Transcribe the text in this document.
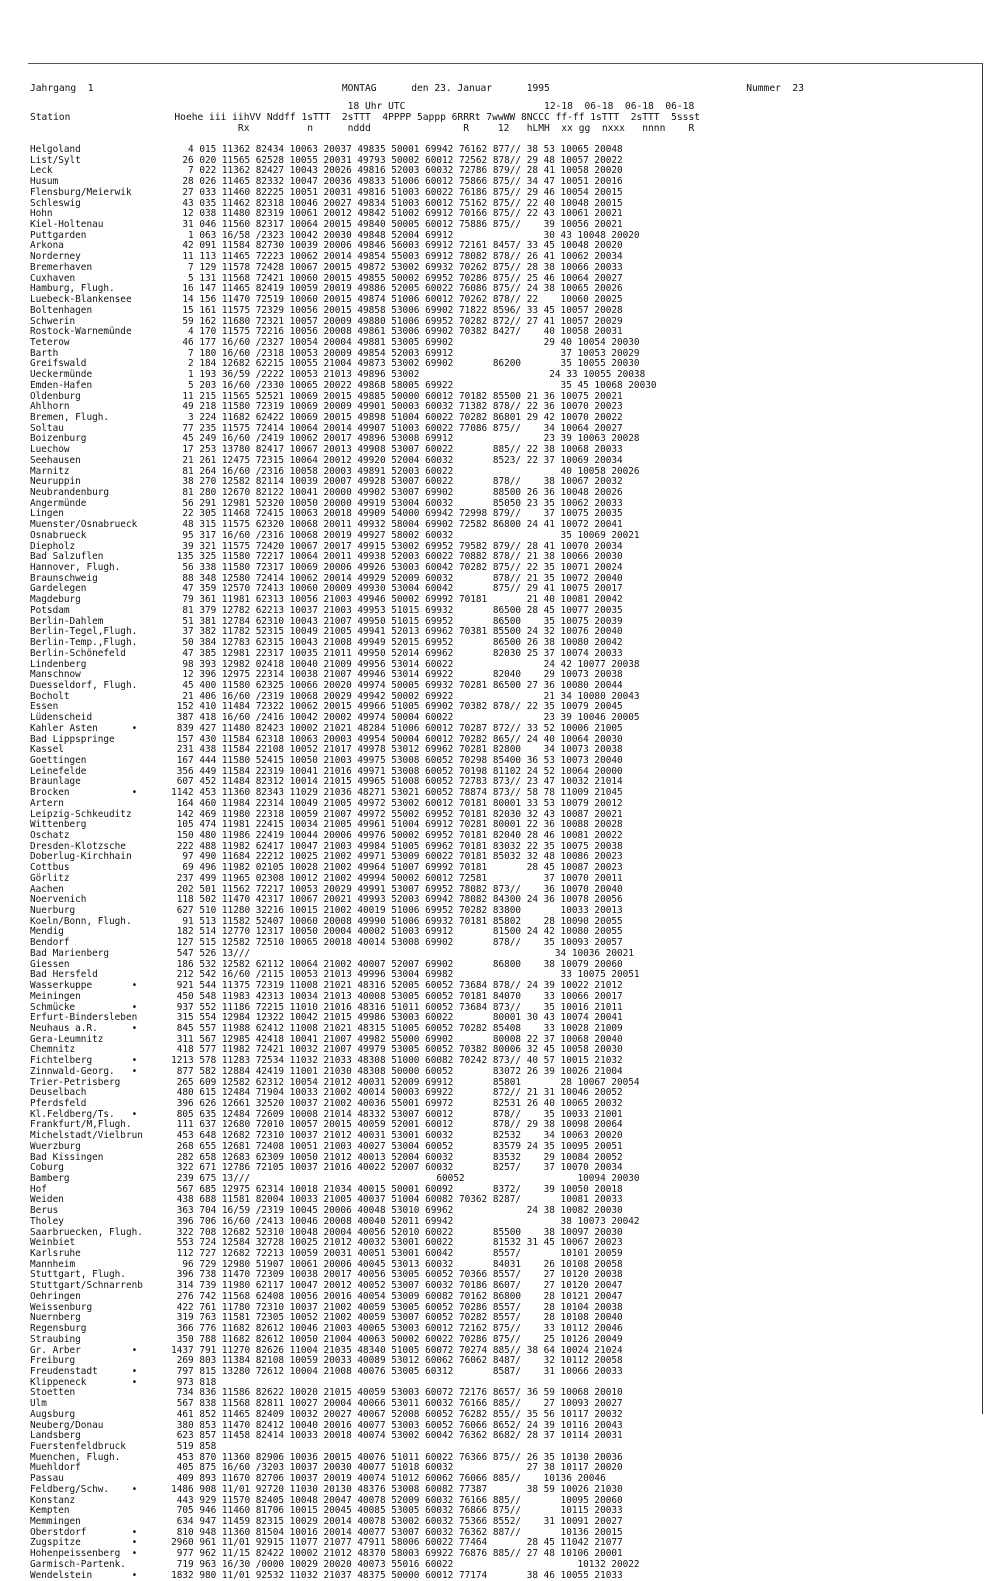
Jahrgang  1                                           MONTAG      den 23. Januar      1995                                  Nummer  23
18 Uhr UTC                        12-18  06-18  06-18  06-18
Station                  Hoehe iii iihVV Nddff 1sTTT  2sTTT  4PPPP 5appp 6RRRt 7wwWW 8NCCC ff-ff 1sTTT  2sTTT  5ssst
Rx          n      nddd                R     12   hLMH  xx gg  nxxx   nnnn    R
Helgoland                   4 015 11362 82434 10063 20037 49835 50001 69942 76162 877// 38 53 10065 20048
List/Sylt                  26 020 11565 62528 10055 20031 49793 50002 60012 72562 878// 29 48 10057 20022
Leck                        7 022 11362 82427 10043 20026 49816 52003 60032 72786 879// 28 41 10058 20020
Husum                      28 026 11465 82332 10047 20036 49833 51006 60012 75866 875// 34 47 10051 20016
Flensburg/Meierwik         27 033 11460 82225 10051 20031 49816 51003 60022 76186 875// 29 46 10054 20015
Schleswig                  43 035 11462 82318 10046 20027 49834 51003 60012 75162 875// 22 40 10048 20015
Hohn                       12 038 11480 82319 10061 20012 49842 51002 69912 70166 875// 22 43 10061 20021
Kiel-Holtenau              31 046 11560 82317 10064 20015 49840 50005 60012 75886 875//    39 10056 20021
Puttgarden                  1 063 16/58 /2323 10042 20030 49848 52004 69912                30 43 10048 20020
Arkona                     42 091 11584 82730 10039 20006 49846 56003 69912 72161 8457/ 33 45 10048 20020
Norderney                  11 113 11465 72223 10062 20014 49854 55003 69912 78082 878// 26 41 10062 20034
Bremerhaven                 7 129 11578 72428 10067 20015 49872 53002 69932 70262 875// 28 38 10066 20033
Cuxhaven                    5 131 11568 72421 10060 20015 49855 50002 69952 70286 875// 25 46 10064 20027
Hamburg, Flugh.            16 147 11465 82419 10059 20019 49886 52005 60022 76086 875// 24 38 10065 20026
Luebeck-Blankensee         14 156 11470 72519 10060 20015 49874 51006 60012 70262 878// 22    10060 20025
Boltenhagen                15 161 11575 72329 10056 20015 49858 53006 69902 71822 8596/ 33 45 10057 20028
Schwerin                   59 162 11680 72321 10057 20009 49880 51006 69952 70282 872// 27 41 10057 20029
Rostock-Warnemünde          4 170 11575 72216 10056 20008 49861 53006 69902 70382 8427/    40 10058 20031
Teterow                    46 177 16/60 /2327 10054 20004 49881 53005 69902                29 40 10054 20030
Barth                       7 180 16/60 /2318 10053 20009 49854 52003 69912                   37 10053 20029
Greifswald                  2 184 12682 62215 10055 21004 49873 53002 69902       86200       35 10055 20030
Ueckermünde                 1 193 36/59 /2222 10053 21013 49896 53002                       24 33 10055 20038
Emden-Hafen                 5 203 16/60 /2330 10065 20022 49868 58005 69922                   35 45 10068 20030
Oldenburg                  11 215 11565 52521 10069 20015 49885 50000 60012 70182 85500 21 36 10075 20021
Ahlhorn                    49 218 11580 72319 10069 20009 49901 50003 60032 71382 878// 22 36 10070 20023
Bremen, Flugh.              3 224 11682 62422 10069 20015 49898 51004 60022 70282 86801 29 42 10070 20022
Soltau                     77 235 11575 72414 10064 20014 49907 51003 60022 77086 875//    34 10064 20027
Boizenburg                 45 249 16/60 /2419 10062 20017 49896 53008 69912                23 39 10063 20028
Luechow                    17 253 13780 82417 10067 20013 49908 53007 60022       885// 22 38 10068 20033
Seehausen                  21 261 12475 72315 10064 20012 49920 52004 60032       8523/ 22 37 10069 20034
Marnitz                    81 264 16/60 /2316 10058 20003 49891 52003 60022                   40 10058 20026
Neuruppin                  38 270 12582 82114 10039 20007 49928 53007 60022       878//    38 10067 20032
Neubrandenburg             81 280 12670 82122 10041 20000 49902 53007 69902       88500 26 36 10048 20026
Angermünde                 56 291 12981 52320 10050 20000 49919 53004 60032       85050 23 35 10062 20033
Lingen                     22 305 11468 72415 10063 20018 49909 54000 69942 72998 879//    37 10075 20035
Muenster/Osnabrueck        48 315 11575 62320 10068 20011 49932 58004 69902 72582 86800 24 41 10072 20041
Osnabrueck                 95 317 16/60 /2316 10068 20019 49927 58002 60032                   35 10069 20021
Diepholz                   39 321 11575 72420 10067 20017 49915 53002 69952 79582 879// 28 41 10070 20034
Bad Salzuflen             135 325 11580 72217 10064 20011 49938 52003 60022 70882 878// 21 38 10066 20030
Hannover, Flugh.           56 338 11580 72317 10069 20006 49926 53003 60042 70282 875// 22 35 10071 20024
Braunschweig               88 348 12580 72414 10062 20014 49929 52009 60032       878// 21 35 10072 20040
Gardelegen                 47 359 12570 72413 10060 20009 49930 53004 60042       875// 29 41 10075 20017
Magdeburg                  79 361 11981 62313 10056 21003 49946 50002 69992 70181       21 40 10081 20042
Potsdam                    81 379 12782 62213 10037 21003 49953 51015 69932       86500 28 45 10077 20035
Berlin-Dahlem              51 381 12784 62310 10043 21007 49950 51015 69952       86500    35 10075 20039
Berlin-Tegel,Flugh.        37 382 11782 52315 10049 21005 49941 52013 69962 70381 85500 24 32 10076 20040
Berlin-Temp.,Flugh.        50 384 12783 62315 10043 21008 49949 52015 69952       86500 26 38 10080 20042
Berlin-Schönefeld          47 385 12981 22317 10035 21011 49950 52014 69962       82030 25 37 10074 20033
Lindenberg                 98 393 12982 02418 10040 21009 49956 53014 60022                24 42 10077 20038
Manschnow                  12 396 12975 22314 10038 21007 49946 53014 69922       82040    29 10073 20038
Duesseldorf, Flugh.        45 400 11580 62325 10066 20020 49974 50005 69932 70281 86500 27 36 10080 20044
Bocholt                    21 406 16/60 /2319 10068 20029 49942 50002 69922                21 34 10080 20043
Essen                     152 410 11484 72322 10062 20015 49966 51005 69902 70382 878// 22 35 10079 20045
Lüdenscheid               387 418 16/60 /2416 10042 20002 49974 50004 60022                23 39 10046 20005
Kahler Asten      •       839 427 11480 82423 10002 21021 48284 51006 60012 70287 872// 33 52 10006 21005
Bad Lippspringe           157 430 11584 62318 10063 20003 49954 50004 60012 70282 865// 24 40 10064 20030
Kassel                    231 438 11584 22108 10052 21017 49978 53012 69962 70281 82800    34 10073 20038
Goettingen                167 444 11580 52415 10050 21003 49975 53008 60052 70298 85400 36 53 10073 20040
Leinefelde                356 449 11584 22319 10041 21016 49971 53008 60052 70198 81102 24 52 10064 20000
Braunlage                 607 452 11484 82312 10014 21015 49965 51008 60052 72783 873// 23 47 10032 21014
Brocken           •      1142 453 11360 82343 11029 21036 48271 53021 60052 78874 873// 58 78 11009 21045
Artern                    164 460 11984 22314 10049 21005 49972 53002 60012 70181 80001 33 53 10079 20012
Leipzig-Schkeuditz        142 469 11980 22318 10059 21007 49972 55002 69952 70181 82030 32 43 10087 20021
Wittenberg                105 474 11981 22415 10034 21005 49961 51004 69912 70281 80001 22 36 10088 20028
Oschatz                   150 480 11986 22419 10044 20006 49976 50002 69952 70181 82040 28 46 10081 20022
Dresden-Klotzsche         222 488 11982 62417 10047 21003 49984 51005 69962 70181 83032 22 35 10075 20038
Doberlug-Kirchhain         97 490 11684 22212 10025 21002 49971 53009 60022 70181 85032 32 48 10086 20023
Cottbus                    69 496 11982 02105 10028 21002 49964 51007 69992 70181       28 45 10087 20023
Görlitz                   237 499 11965 02308 10012 21002 49994 50002 60012 72581          37 10070 20011
Aachen                    202 501 11562 72217 10053 20029 49991 53007 69952 78082 873//    36 10070 20040
Noervenich                118 502 11470 42317 10067 20021 49993 52003 69942 78082 84300 24 36 10078 20056
Nuerburg                  627 510 11280 32216 10015 21002 40019 51006 69952 70282 83800       10033 20013
Koeln/Bonn, Flugh.         91 513 11582 52407 10060 20008 49990 51006 69932 70181 85802    28 10090 20055
Mendig                    182 514 12770 12317 10050 20004 40002 51003 69912       81500 24 42 10080 20055
Bendorf                   127 515 12582 72510 10065 20018 40014 53008 69902       878//    35 10093 20057
Bad Marienberg            547 526 13///                                                      34 10036 20021
Giessen                   186 532 12582 62112 10064 21002 40007 52007 69902       86800    38 10079 20060
Bad Hersfeld              212 542 16/60 /2115 10053 21013 49996 53004 69982                   33 10075 20051
Wasserkuppe       •       921 544 11375 72319 11008 21021 48316 52005 60052 73684 878// 24 39 10022 21012
Meiningen                 450 548 11983 42313 10034 21013 40008 53005 60052 70181 84070    33 10066 20017
Schmücke          •       937 552 11186 72215 11010 21016 48316 51011 60052 73684 873//    35 10016 21011
Erfurt-Bindersleben       315 554 12984 12322 10042 21015 49986 53003 60022       80001 30 43 10074 20041
Neuhaus a.R.      •       845 557 11988 62412 11008 21021 48315 51005 60052 70282 85408    33 10028 21009
Gera-Leumnitz             311 567 12985 42418 10041 21007 49982 55000 69902       80008 22 37 10068 20040
Chemnitz                  418 577 11982 72421 10032 21007 49979 53005 60052 70382 80006 32 45 10058 20030
Fichtelberg       •      1213 578 11283 72534 11032 21033 48308 51000 60082 70242 873// 40 57 10015 21032
Zinnwald-Georg.   •       877 582 12884 42419 11001 21030 48308 50000 60052       83072 26 39 10026 21004
Trier-Petrisberg          265 609 12582 62312 10054 21012 40031 52009 69912       85801       28 10067 20054
Deuselbach                480 615 12484 71904 10033 21002 40014 50003 69922       872// 21 31 10046 20052
Pferdsfeld                396 626 12661 32520 10037 21002 40036 55001 69972       82531 26 40 10065 20032
Kl.Feldberg/Ts.   •       805 635 12484 72609 10008 21014 48332 53007 60012       878//    35 10033 21001
Frankfurt/M,Flugh.        111 637 12680 72010 10057 20015 40059 52001 60012       878// 29 38 10098 20064
Michelstadt/Vielbrun      453 648 12682 72310 10037 21012 40031 53001 60032       82532    34 10063 20020
Wuerzburg                 268 655 12681 72408 10051 21003 40027 53004 60052       83579 24 35 10095 20051
Bad Kissingen             282 658 12683 62309 10050 21012 40013 52004 60032       83532    29 10084 20052
Coburg                    322 671 12786 72105 10037 21016 40022 52007 60032       8257/    37 10070 20034
Bamberg                   239 675 13///                                 60052                    10094 20030
Hof                       567 685 12975 62314 10018 21034 40015 50001 60092       8372/    39 10050 20018
Weiden                    438 688 11581 82004 10033 21005 40037 51004 60082 70362 8287/       10081 20033
Berus                     363 704 16/59 /2319 10045 20006 40048 53010 69962             24 38 10082 20030
Tholey                    396 706 16/60 /2413 10046 20008 40040 52011 69942                   38 10073 20042
Saarbruecken, Flugh.      322 708 12682 52310 10048 20004 40056 52010 60022       85500    38 10097 20030
Weinbiet                  553 724 12584 32728 10025 21012 40032 53001 60022       81532 31 45 10067 20023
Karlsruhe                 112 727 12682 72213 10059 20031 40051 53001 60042       8557/       10101 20059
Mannheim                   96 729 12980 51907 10061 20006 40045 53013 60032       84031    26 10108 20058
Stuttgart, Flugh.         396 738 11470 72309 10038 20017 40056 53005 60052 70366 8557/    27 10120 20038
Stuttgart/Schnarrenb      314 739 11980 62117 10047 20012 40052 53007 60032 70186 8607/    27 10120 20047
Oehringen                 276 742 11568 62408 10056 20016 40054 53009 60082 70162 86800    28 10121 20047
Weissenburg               422 761 11780 72310 10037 21002 40059 53005 60052 70286 8557/    28 10104 20038
Nuernberg                 319 763 11581 72305 10052 21002 40059 53007 60052 70282 8557/    28 10108 20040
Regensburg                366 776 11682 82612 10046 21003 40065 53003 60012 72162 875//    33 10112 20046
Straubing                 350 788 11682 82612 10050 21004 40063 50002 60022 70286 875//    25 10126 20049
Gr. Arber         •      1437 791 11270 82626 11004 21035 48340 51005 60072 70274 885// 38 64 10024 21024
Freiburg                  269 803 11384 82108 10059 20033 40089 53012 60062 76062 8487/    32 10112 20058
Freudenstadt      •       797 815 13280 72612 10004 21008 40076 53005 60312       8587/    31 10066 20033
Klippeneck        •       973 818
Stoetten                  734 836 11586 82622 10020 21015 40059 53003 60072 72176 8657/ 36 59 10068 20010
Ulm                       567 838 11568 82811 10027 20004 40066 53011 60032 76166 885//    27 10093 20027
Augsburg                  461 852 11465 82409 10032 20027 40067 52008 60052 76282 855// 35 56 10117 20032
Neuberg/Donau             380 853 11470 82412 10040 20016 40077 53003 60052 76066 8652/ 24 39 10116 20043
Landsberg                 623 857 11458 82414 10033 20018 40074 53002 60042 76362 8682/ 28 37 10114 20031
Fuerstenfeldbruck         519 858
Muenchen, Flugh.          453 870 11360 82906 10036 20015 40076 51011 60022 76366 875// 26 35 10130 20036
Muehldorf                 405 875 16/60 /3203 10037 20030 40077 51018 60032             27 38 10117 20020
Passau                    409 893 11670 82706 10037 20019 40074 51012 60062 76066 885//    10136 20046
Feldberg/Schw.    •      1486 908 11/01 92720 11030 20130 48376 53008 60082 77387       38 59 10026 21030
Konstanz                  443 929 11570 82405 10048 20047 40078 52009 60032 76166 885//       10095 20060
Kempten                   705 946 11460 81706 10015 20045 40085 53005 60032 76866 875//       10115 20033
Memmingen                 634 947 11459 82315 10029 20014 40078 53002 60032 75366 8552/    31 10091 20027
Oberstdorf        •       810 948 11360 81504 10016 20014 40077 53007 60032 76362 887//       10136 20015
Zugspitze         •      2960 961 11/01 92915 11077 21077 47911 58006 60022 77464       28 45 11042 21077
Hohenpeissenberg  •       977 962 11/15 82422 10002 21012 48370 58003 69922 76876 885// 27 48 10106 20001
Garmisch-Partenk.         719 963 16/30 /0000 10029 20020 40073 55016 60022                      10132 20022
Wendelstein       •      1832 980 11/01 92532 11032 21037 48375 50000 60012 77174       38 46 10055 21033
